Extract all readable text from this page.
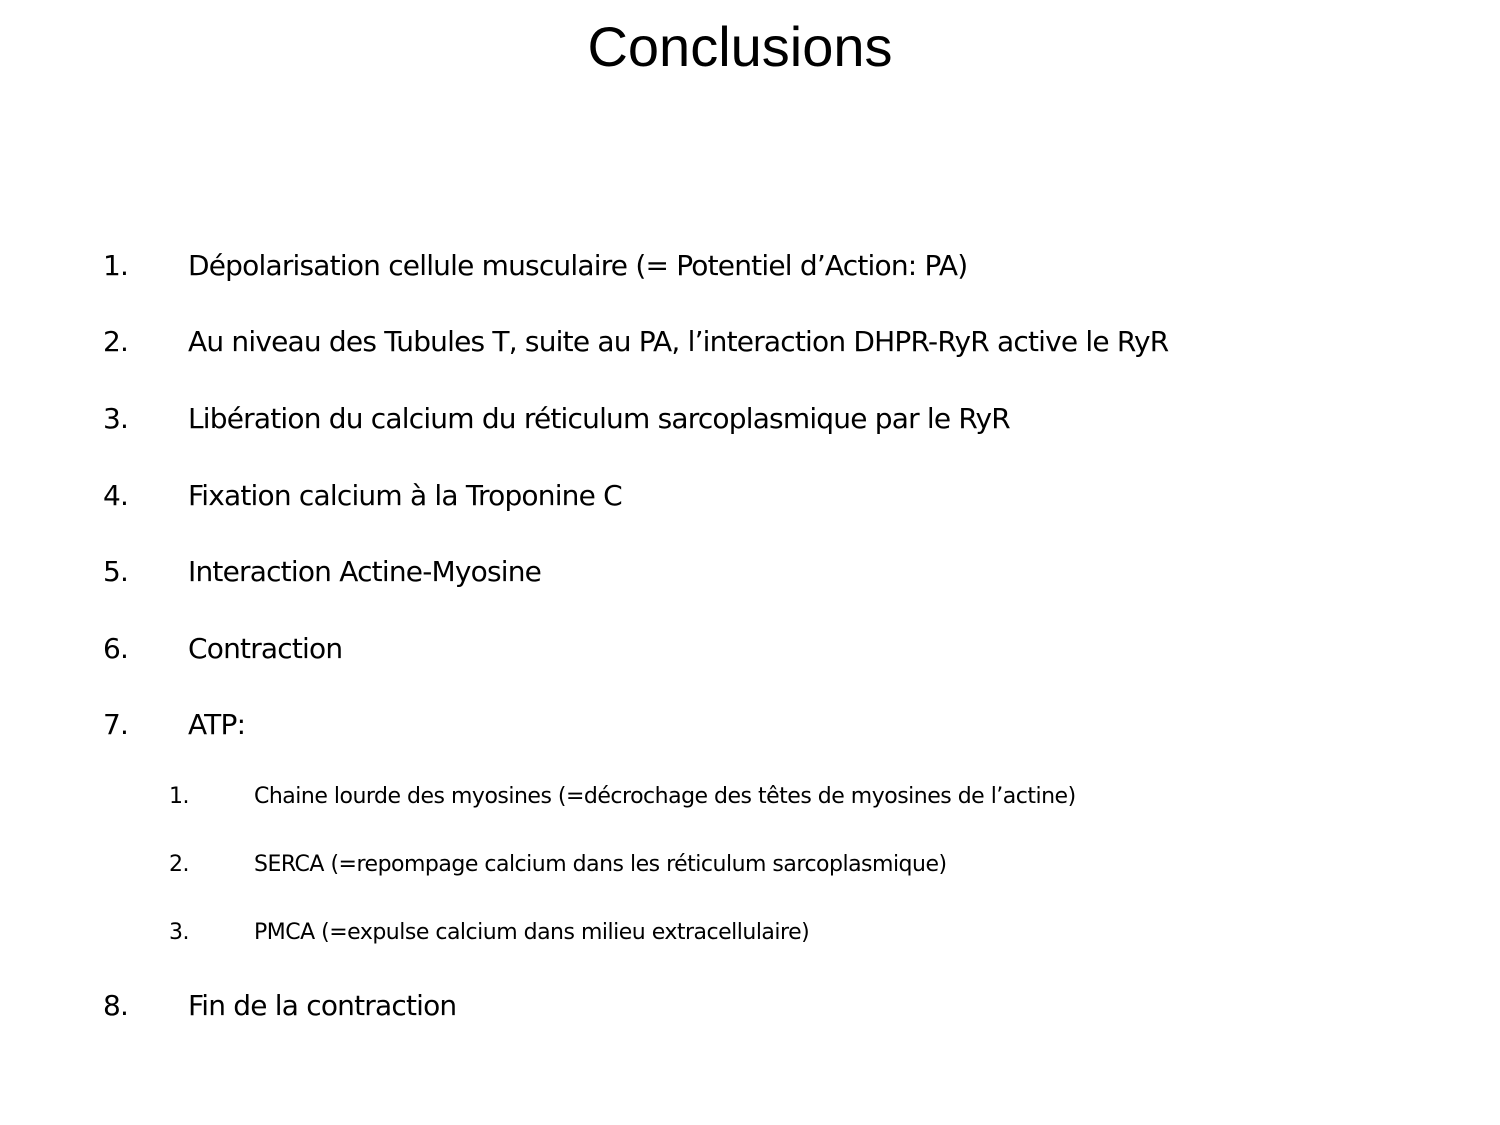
Conclusions
1. Dépolarisation cellule musculaire (= Potentiel d’Action: PA)
2. Au niveau des Tubules T, suite au PA, l’interaction DHPR-RyR active le RyR
3. Libération du calcium du réticulum sarcoplasmique par le RyR
4. Fixation calcium à la Troponine C
5. Interaction Actine-Myosine
6. Contraction
7. ATP:
1.	Chaine lourde des myosines (=décrochage des têtes de myosines de l’actine)
2.	SERCA (=repompage calcium dans les réticulum sarcoplasmique)
3.	PMCA (=expulse calcium dans milieu extracellulaire)
8. Fin de la contraction
